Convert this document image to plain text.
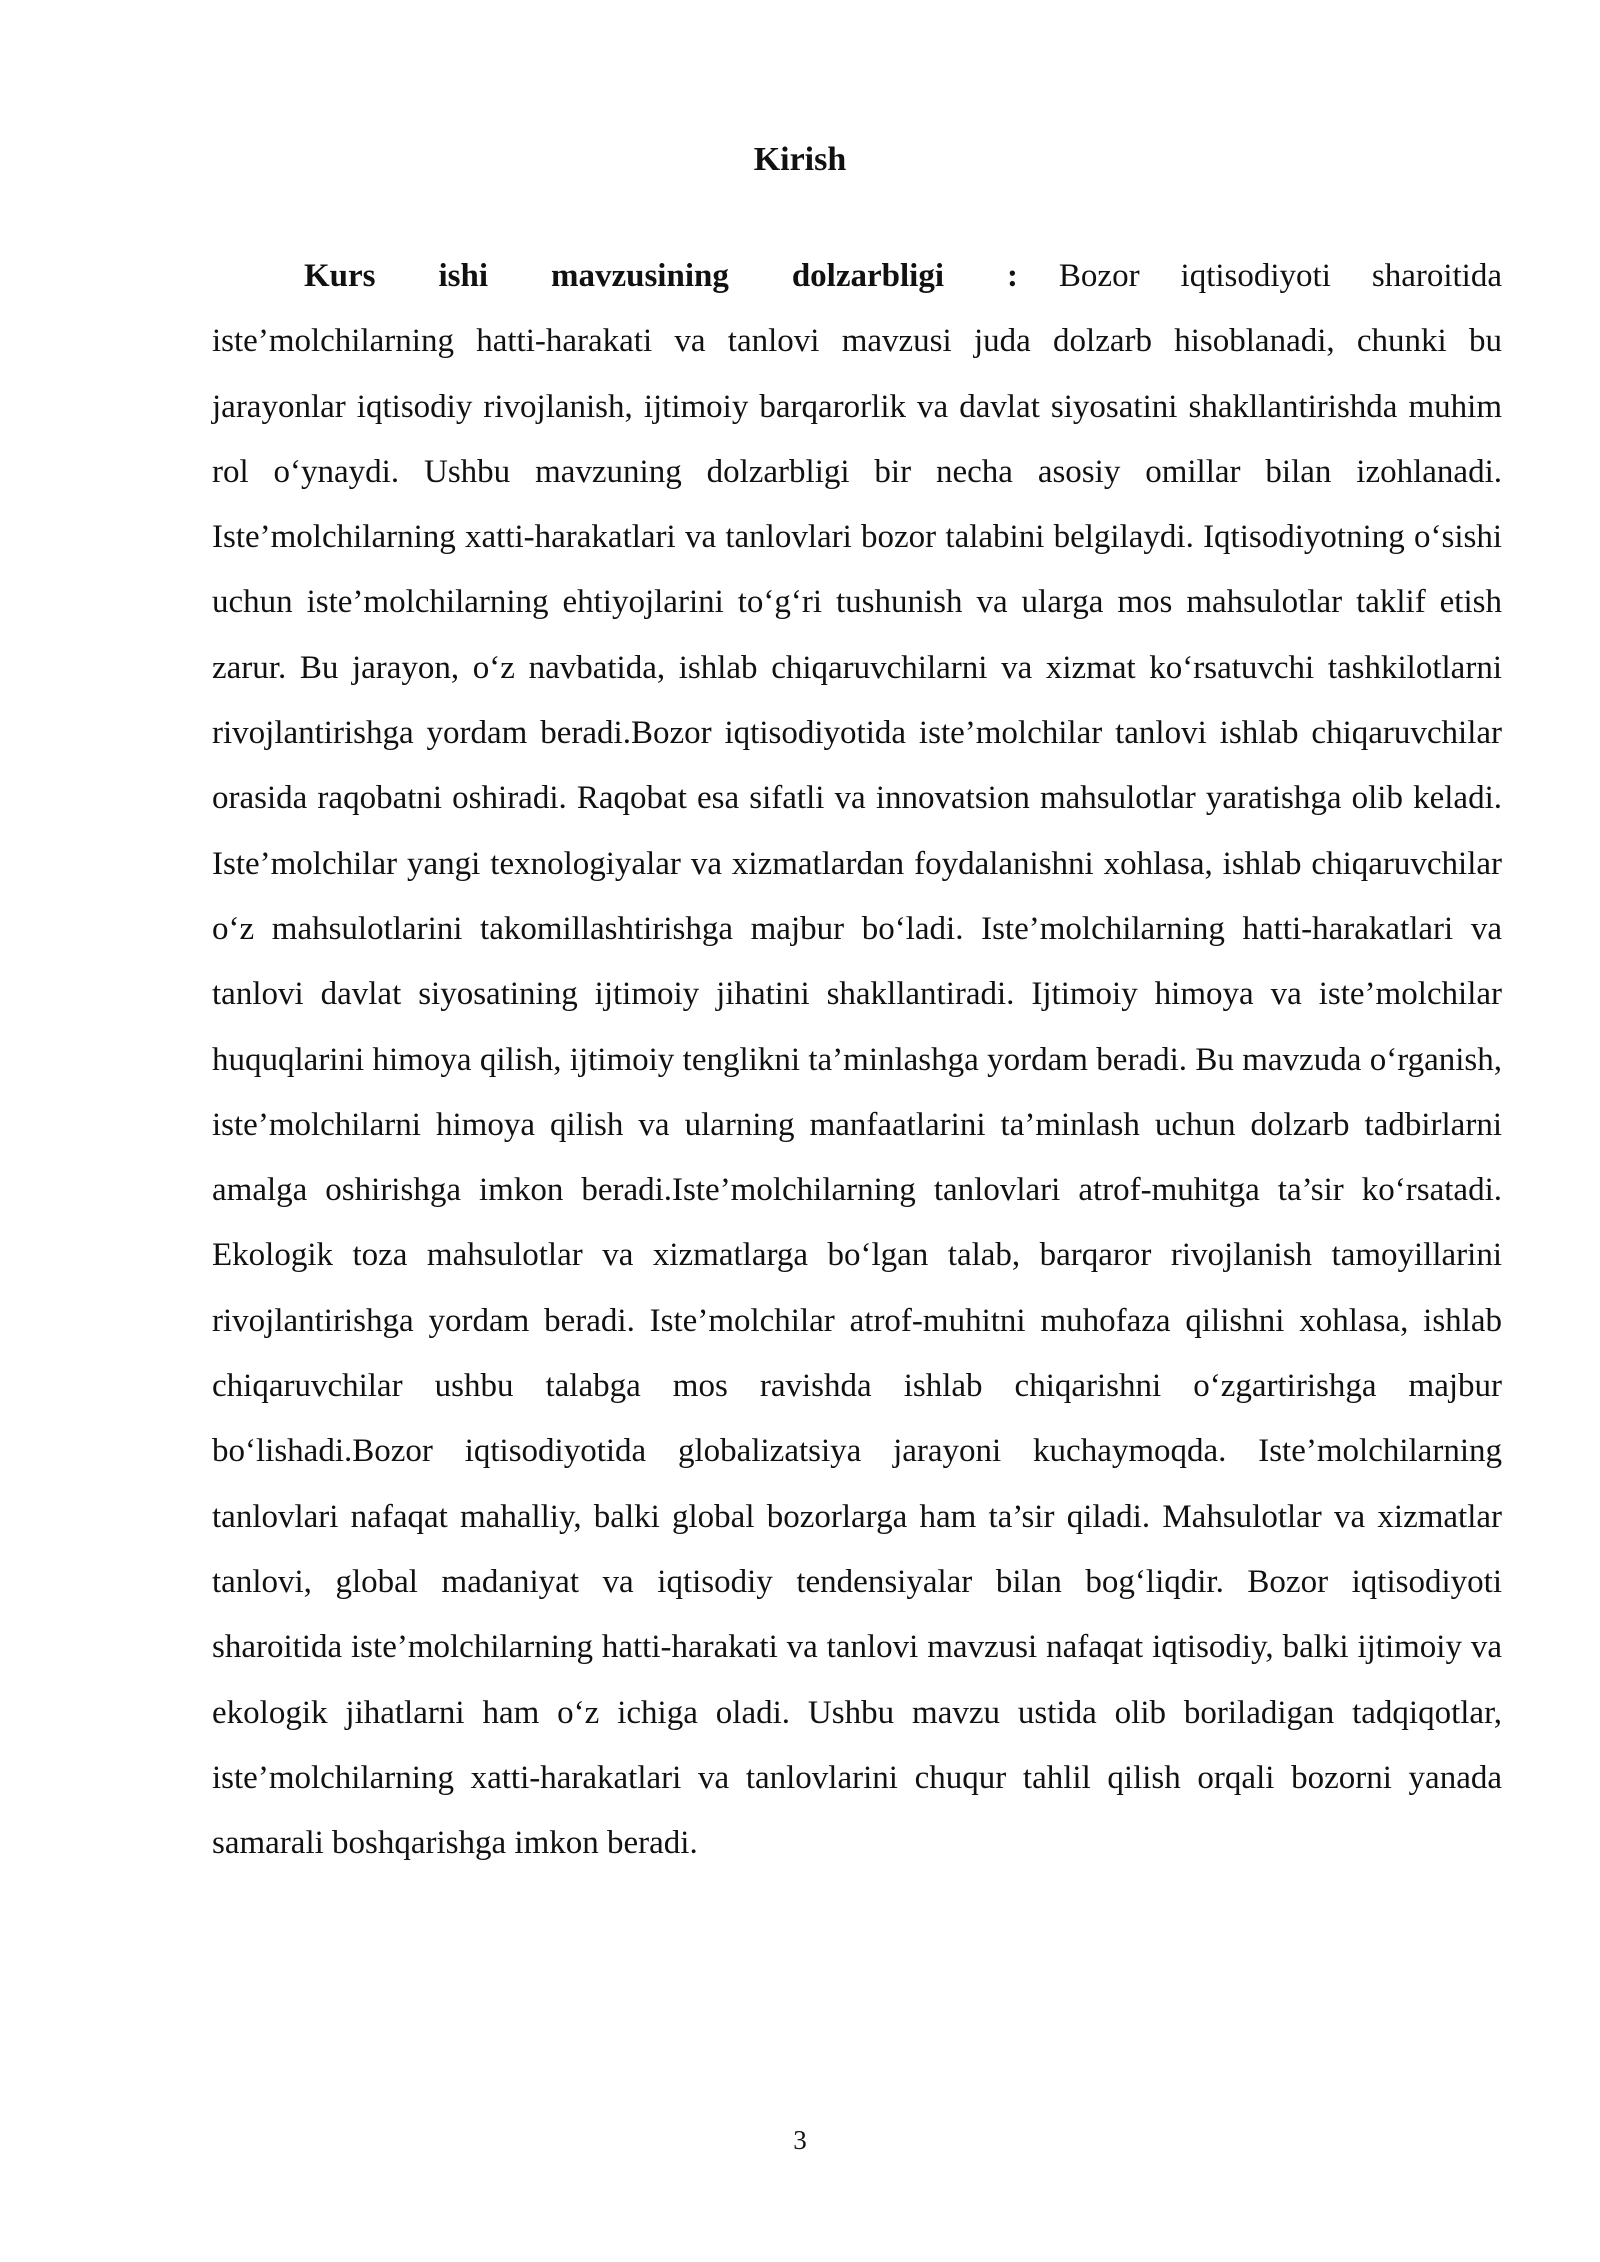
Kirish

Kurs ishi mavzusining dolzarbligi : Bozor iqtisodiyoti sharoitida iste’molchilarning hatti-harakati va tanlovi mavzusi juda dolzarb hisoblanadi, chunki bu jarayonlar iqtisodiy rivojlanish, ijtimoiy barqarorlik va davlat siyosatini shakllantirishda muhim rol o‘ynaydi. Ushbu mavzuning dolzarbligi bir necha asosiy omillar bilan izohlanadi. Iste’molchilarning xatti-harakatlari va tanlovlari bozor talabini belgilaydi. Iqtisodiyotning o‘sishi uchun iste’molchilarning ehtiyojlarini to‘g‘ri tushunish va ularga mos mahsulotlar taklif etish zarur. Bu jarayon, o‘z navbatida, ishlab chiqaruvchilarni va xizmat ko‘rsatuvchi tashkilotlarni rivojlantirishga yordam beradi.Bozor iqtisodiyotida iste’molchilar tanlovi ishlab chiqaruvchilar orasida raqobatni oshiradi. Raqobat esa sifatli va innovatsion mahsulotlar yaratishga olib keladi. Iste’molchilar yangi texnologiyalar va xizmatlardan foydalanishni xohlasa, ishlab chiqaruvchilar o‘z mahsulotlarini takomillashtirishga majbur bo‘ladi. Iste’molchilarning hatti-harakatlari va tanlovi davlat siyosatining ijtimoiy jihatini shakllantiradi. Ijtimoiy himoya va iste’molchilar huquqlarini himoya qilish, ijtimoiy tenglikni ta’minlashga yordam beradi. Bu mavzuda o‘rganish, iste’molchilarni himoya qilish va ularning manfaatlarini ta’minlash uchun dolzarb tadbirlarni amalga oshirishga imkon beradi.Iste’molchilarning tanlovlari atrof-muhitga ta’sir ko‘rsatadi. Ekologik toza mahsulotlar va xizmatlarga bo‘lgan talab, barqaror rivojlanish tamoyillarini rivojlantirishga yordam beradi. Iste’molchilar atrof-muhitni muhofaza qilishni xohlasa, ishlab chiqaruvchilar ushbu talabga mos ravishda ishlab chiqarishni o‘zgartirishga majbur bo‘lishadi.Bozor iqtisodiyotida globalizatsiya jarayoni kuchaymoqda. Iste’molchilarning tanlovlari nafaqat mahalliy, balki global bozorlarga ham ta’sir qiladi. Mahsulotlar va xizmatlar tanlovi, global madaniyat va iqtisodiy tendensiyalar bilan bog‘liqdir. Bozor iqtisodiyoti sharoitida iste’molchilarning hatti-harakati va tanlovi mavzusi nafaqat iqtisodiy, balki ijtimoiy va ekologik jihatlarni ham o‘z ichiga oladi. Ushbu mavzu ustida olib boriladigan tadqiqotlar, iste’molchilarning xatti-harakatlari va tanlovlarini chuqur tahlil qilish orqali bozorni yanada samarali boshqarishga imkon beradi.

3
